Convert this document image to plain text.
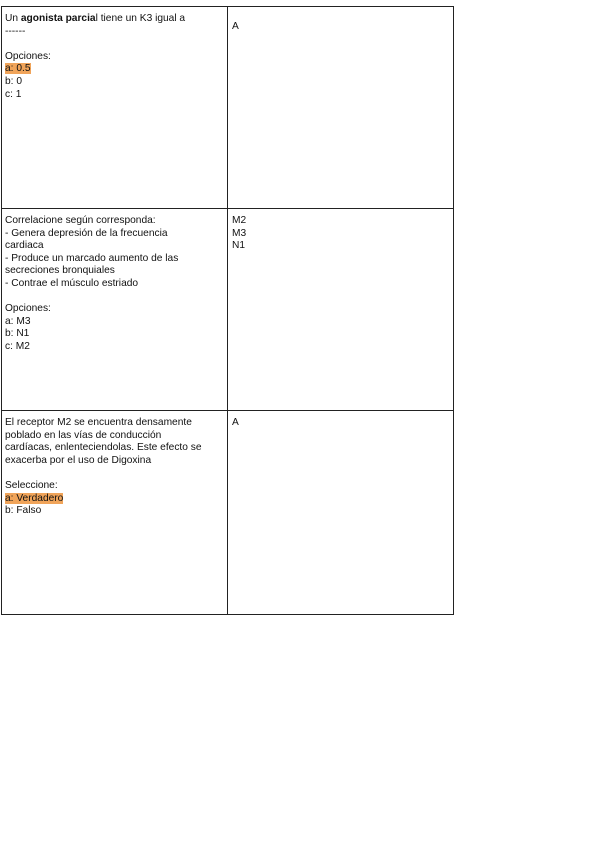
Un agonista parcial tiene un K3 igual a
------
Opciones:
a: 0.5
b: 0
c: 1
A
Correlacione según corresponda:
- Genera depresión de la frecuencia
cardiaca
- Produce un marcado aumento de las
secreciones bronquiales
- Contrae el músculo estriado
Opciones:
a: M3
b: N1
c: M2
M2
M3
N1
El receptor M2 se encuentra densamente
poblado en las vías de conducción
cardíacas, enlenteciendolas. Este efecto se
exacerba por el uso de Digoxina
Seleccione:
a: Verdadero
b: Falso
A
